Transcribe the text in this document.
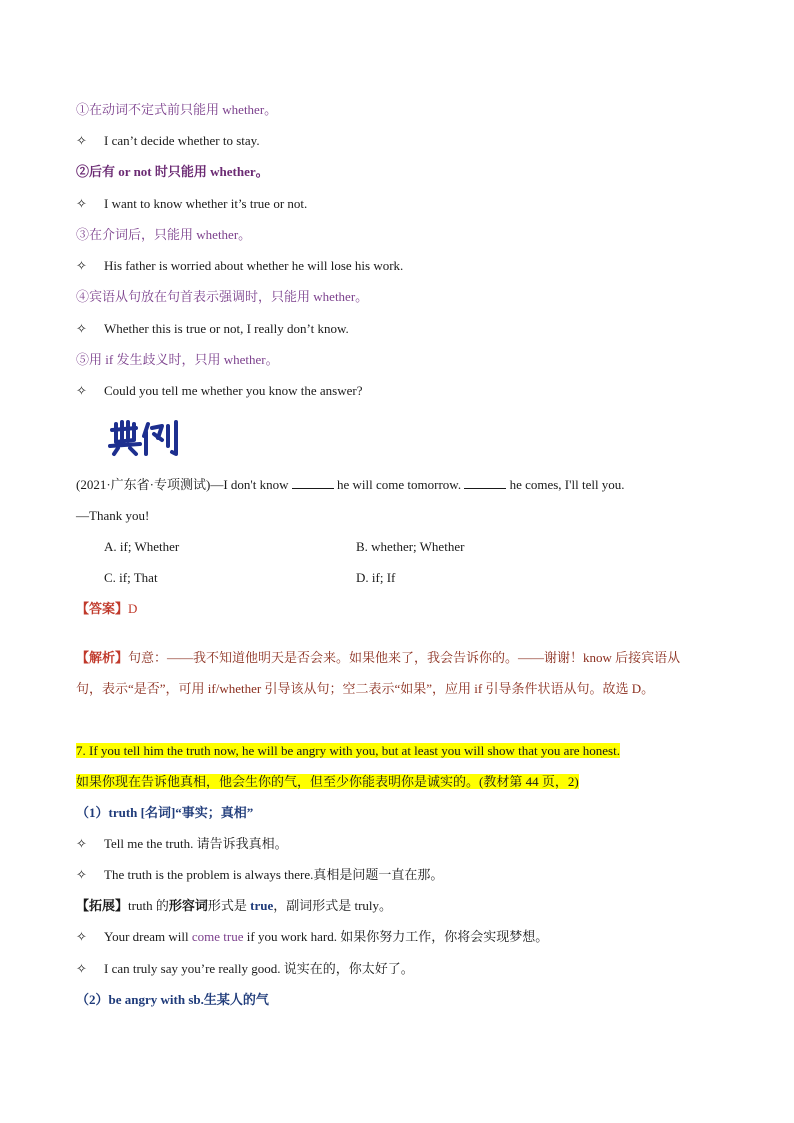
①在动词不定式前只能用 whether。
✧ I can’t decide whether to stay.
②后有 or not 时只能用 whether。
✧ I want to know whether it’s true or not.
③在介词后，只能用 whether。
✧ His father is worried about whether he will lose his work.
④宾语从句放在句首表示强调时，只能用 whether。
✧ Whether this is true or not, I really don’t know.
⑤用 if 发生歧义时，只用 whether。
✧ Could you tell me whether you know the answer?
(2021·广东省·专项测试)—I don't know	he will come tomorrow.	he comes, I'll tell you.
—Thank you!
A. if; Whether	B. whether; Whether
C. if; That	D. if; If
【答案】D
【解析】句意：——我不知道他明天是否会来。如果他来了，我会告诉你的。——谢谢！know 后接宾语从
句，表示“是否”，可用 if/whether 引导该从句；空二表示“如果”，应用 if 引导条件状语从句。故选 D。
7. If you tell him the truth now, he will be angry with you, but at least you will show that you are honest.
如果你现在告诉他真相，他会生你的气，但至少你能表明你是诚实的。(教材第 44 页，2)
（1）truth [名词]“事实；真相”
✧ Tell me the truth. 请告诉我真相。
✧ The truth is the problem is always there.真相是问题一直在那。
【拓展】truth 的形容词形式是 true，副词形式是 truly。
✧ Your dream will come true if you work hard. 如果你努力工作，你将会实现梦想。
✧ I can truly say you’re really good. 说实在的，你太好了。
（2）be angry with sb.生某人的气
